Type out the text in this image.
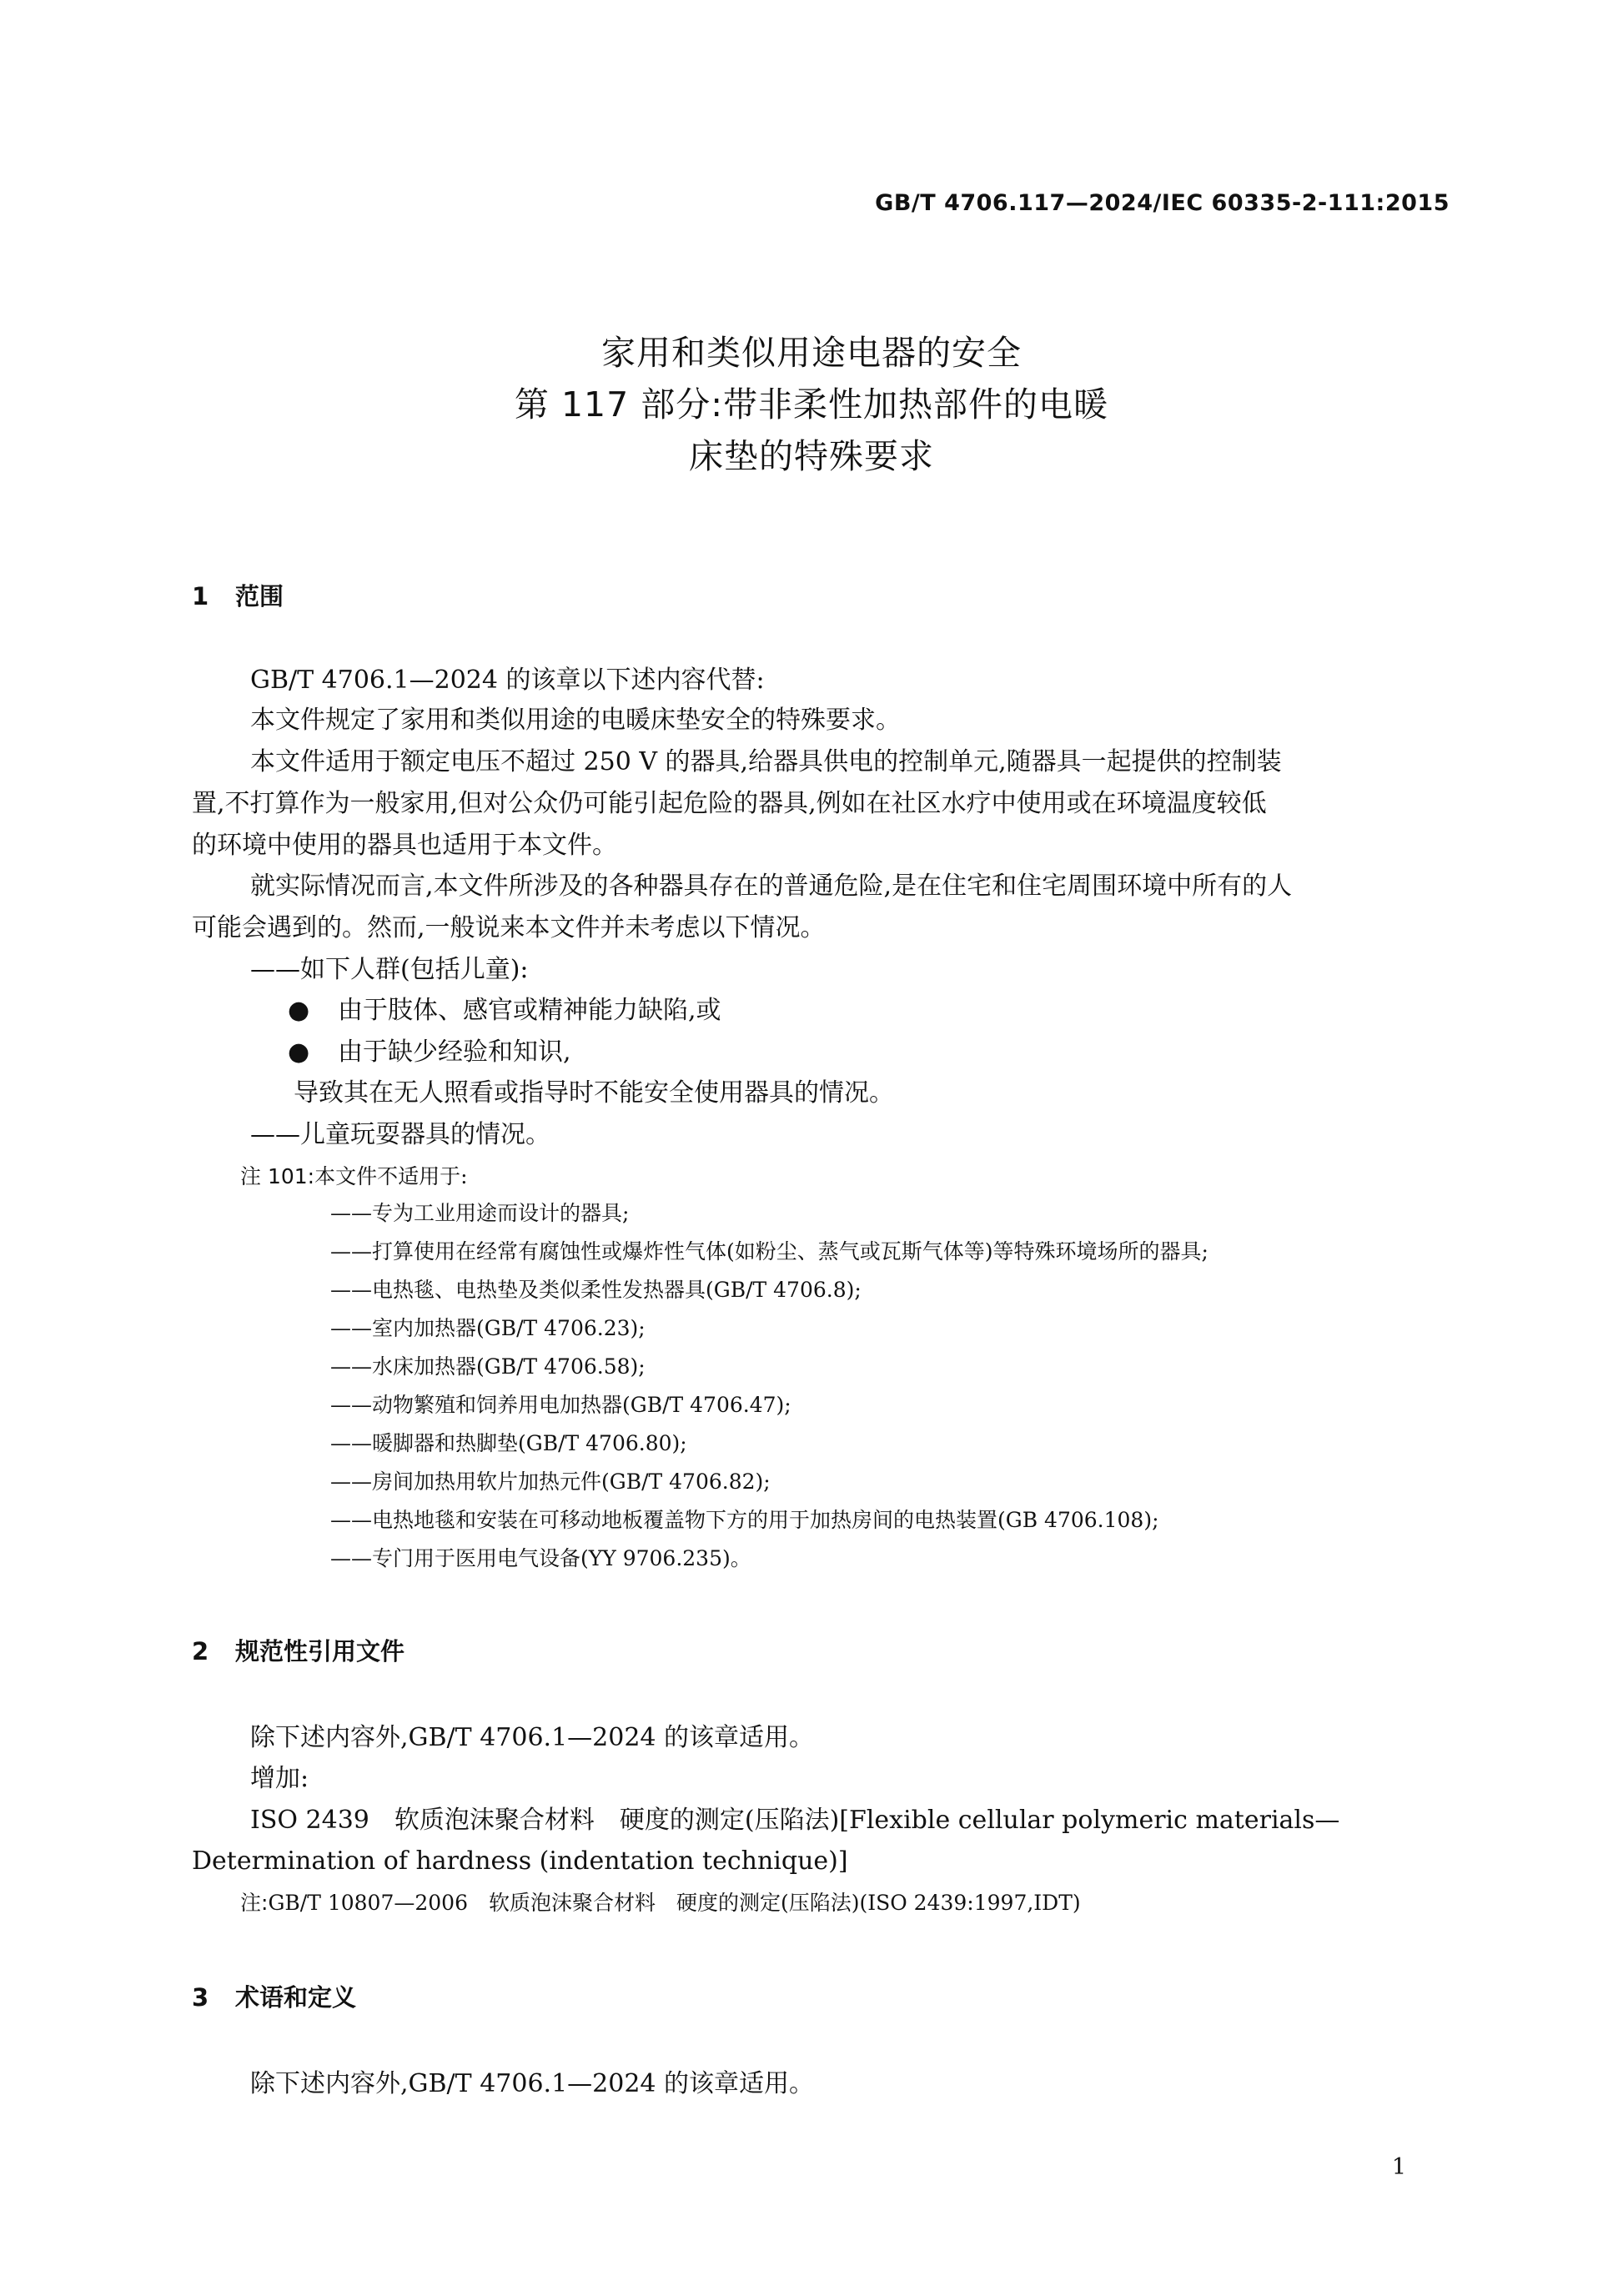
GB/T 4706.117—2024/IEC 60335-2-111:2015
家用和类似用途电器的安全
第 117 部分:带非柔性加热部件的电暖
床垫的特殊要求
1 范围
GB/T 4706.1—2024 的该章以下述内容代替:
本文件规定了家用和类似用途的电暖床垫安全的特殊要求。
本文件适用于额定电压不超过 250 V 的器具,给器具供电的控制单元,随器具一起提供的控制装
置,不打算作为一般家用,但对公众仍可能引起危险的器具,例如在社区水疗中使用或在环境温度较低
的环境中使用的器具也适用于本文件。
就实际情况而言,本文件所涉及的各种器具存在的普通危险,是在住宅和住宅周围环境中所有的人
可能会遇到的。然而,一般说来本文件并未考虑以下情况。
——如下人群(包括儿童):
● 由于肢体、感官或精神能力缺陷,或
● 由于缺少经验和知识,
导致其在无人照看或指导时不能安全使用器具的情况。
——儿童玩耍器具的情况。
注 101:本文件不适用于:
——专为工业用途而设计的器具;
——打算使用在经常有腐蚀性或爆炸性气体(如粉尘、蒸气或瓦斯气体等)等特殊环境场所的器具;
——电热毯、电热垫及类似柔性发热器具(GB/T 4706.8);
——室内加热器(GB/T 4706.23);
——水床加热器(GB/T 4706.58);
——动物繁殖和饲养用电加热器(GB/T 4706.47);
——暖脚器和热脚垫(GB/T 4706.80);
——房间加热用软片加热元件(GB/T 4706.82);
——电热地毯和安装在可移动地板覆盖物下方的用于加热房间的电热装置(GB 4706.108);
——专门用于医用电气设备(YY 9706.235)。
2 规范性引用文件
除下述内容外,GB/T 4706.1—2024 的该章适用。
增加:
ISO 2439　软质泡沫聚合材料　硬度的测定(压陷法)[Flexible cellular polymeric materials—
Determination of hardness (indentation technique)]
注:GB/T 10807—2006　软质泡沫聚合材料　硬度的测定(压陷法)(ISO 2439:1997,IDT)
3 术语和定义
除下述内容外,GB/T 4706.1—2024 的该章适用。
1
